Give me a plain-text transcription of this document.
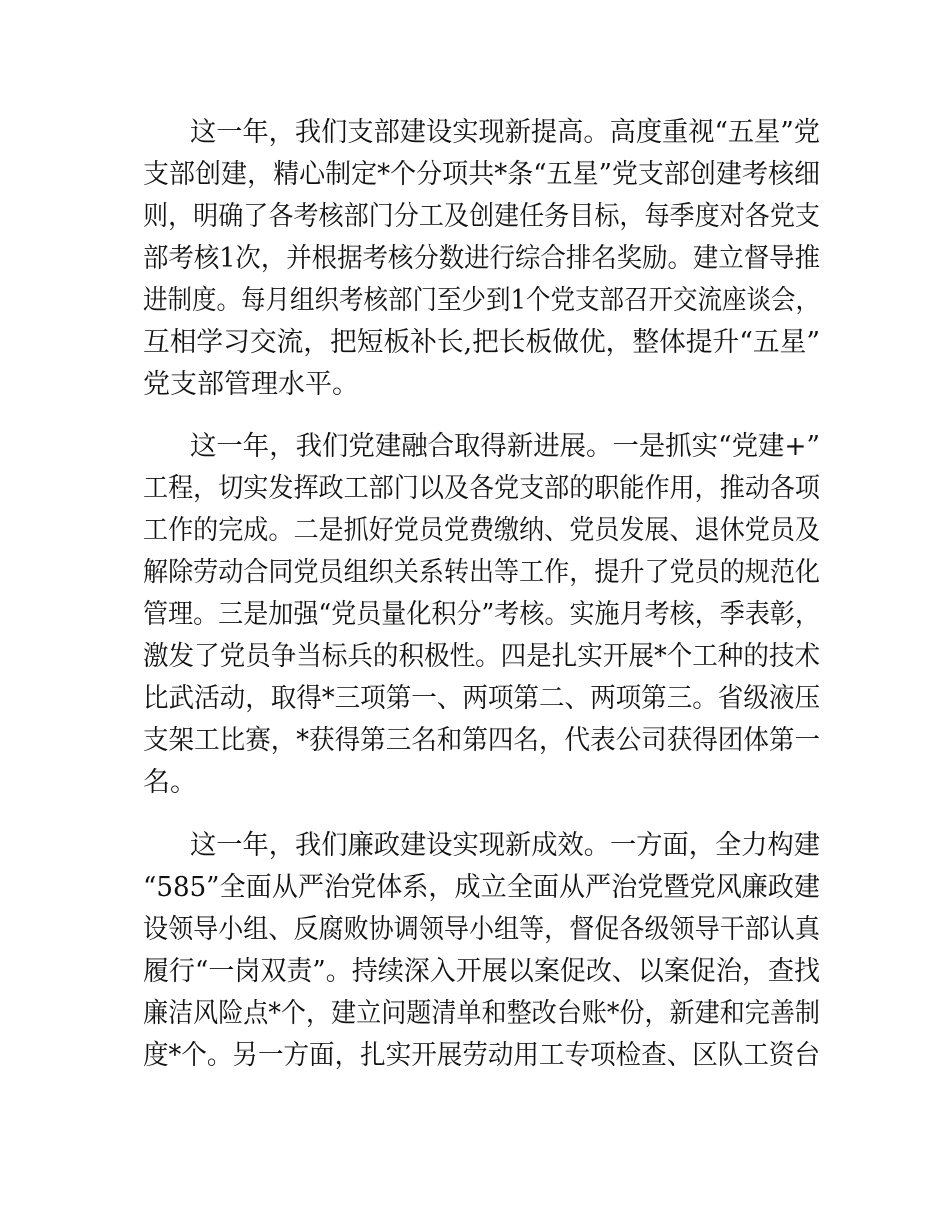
这一年，我们支部建设实现新提高。高度重视“五星”党
支部创建，精心制定*个分项共*条“五星”党支部创建考核细
则，明确了各考核部门分工及创建任务目标，每季度对各党支
部考核1次，并根据考核分数进行综合排名奖励。建立督导推
进制度。每月组织考核部门至少到1个党支部召开交流座谈会，
互相学习交流，把短板补长,把长板做优，整体提升“五星”
党支部管理水平。
这一年，我们党建融合取得新进展。一是抓实“党建+”
工程，切实发挥政工部门以及各党支部的职能作用，推动各项
工作的完成。二是抓好党员党费缴纳、党员发展、退休党员及
解除劳动合同党员组织关系转出等工作，提升了党员的规范化
管理。三是加强“党员量化积分”考核。实施月考核，季表彰，
激发了党员争当标兵的积极性。四是扎实开展*个工种的技术
比武活动，取得*三项第一、两项第二、两项第三。省级液压
支架工比赛，*获得第三名和第四名，代表公司获得团体第一
名。
这一年，我们廉政建设实现新成效。一方面，全力构建
“585”全面从严治党体系，成立全面从严治党暨党风廉政建
设领导小组、反腐败协调领导小组等，督促各级领导干部认真
履行“一岗双责”。持续深入开展以案促改、以案促治，查找
廉洁风险点*个，建立问题清单和整改台账*份，新建和完善制
度*个。另一方面，扎实开展劳动用工专项检查、区队工资台
